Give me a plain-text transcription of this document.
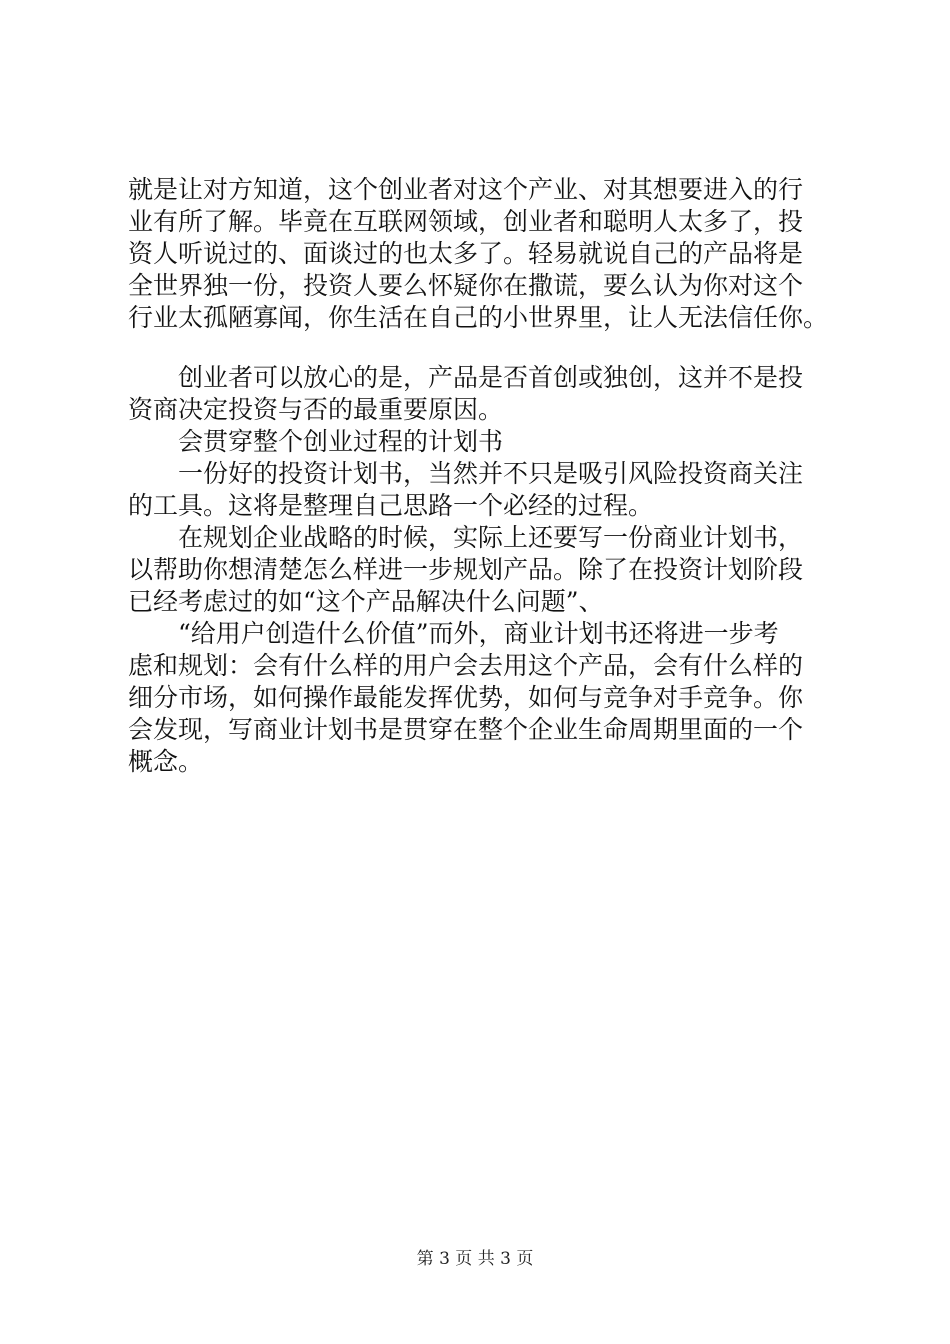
就是让对方知道，这个创业者对这个产业、对其想要进入的行
业有所了解。毕竟在互联网领域，创业者和聪明人太多了，投
资人听说过的、面谈过的也太多了。轻易就说自己的产品将是
全世界独一份，投资人要么怀疑你在撒谎，要么认为你对这个
行业太孤陋寡闻，你生活在自己的小世界里，让人无法信任你。
创业者可以放心的是，产品是否首创或独创，这并不是投
资商决定投资与否的最重要原因。
会贯穿整个创业过程的计划书
一份好的投资计划书，当然并不只是吸引风险投资商关注
的工具。这将是整理自己思路一个必经的过程。
在规划企业战略的时候，实际上还要写一份商业计划书，
以帮助你想清楚怎么样进一步规划产品。除了在投资计划阶段
已经考虑过的如“这个产品解决什么问题”、
“给用户创造什么价值”而外，商业计划书还将进一步考
虑和规划：会有什么样的用户会去用这个产品，会有什么样的
细分市场，如何操作最能发挥优势，如何与竞争对手竞争。你
会发现，写商业计划书是贯穿在整个企业生命周期里面的一个
概念。
第 3 页 共 3 页
